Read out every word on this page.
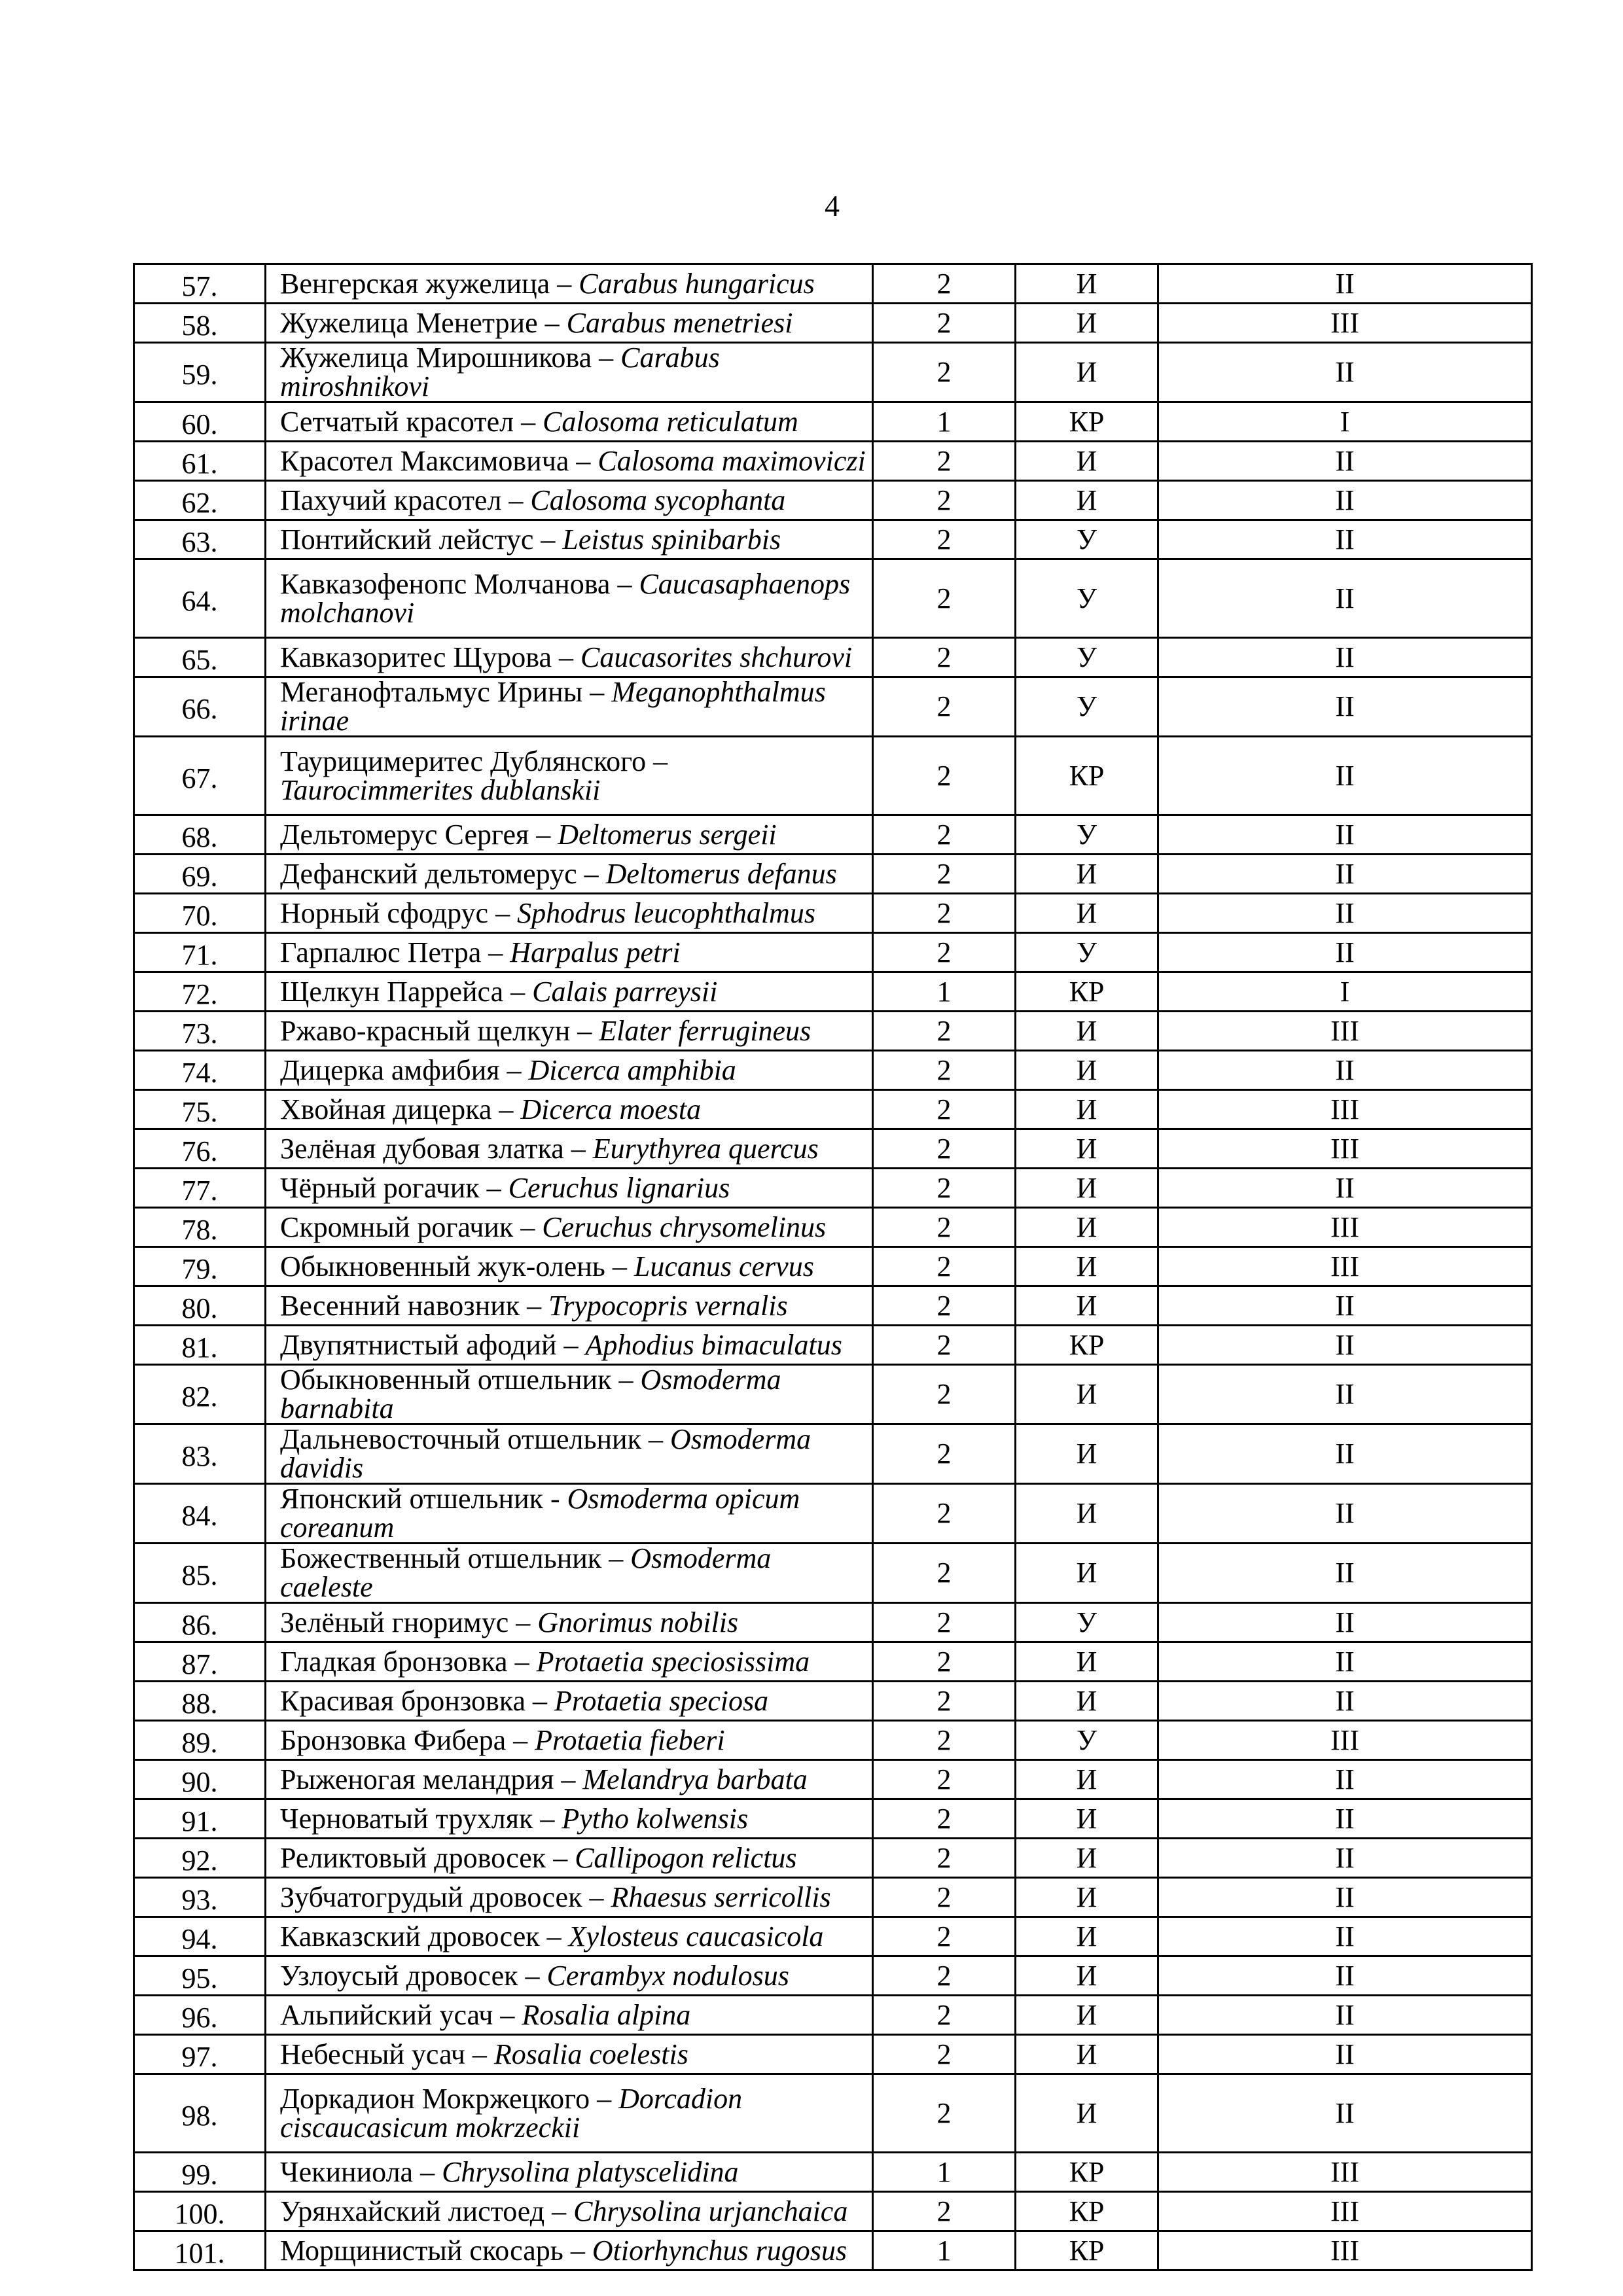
4
57.	Венгерская жужелица – Carabus hungaricus	2	И	II
58.	Жужелица Менетрие – Carabus menetriesi	2	И	III
59.	Жужелица Мирошникова – Carabus miroshnikovi	2	И	II
60.	Сетчатый красотел – Calosoma reticulatum	1	КР	I
61.	Красотел Максимовича – Calosoma maximoviczi	2	И	II
62.	Пахучий красотел – Calosoma sycophanta	2	И	II
63.	Понтийский лейстус – Leistus spinibarbis	2	У	II
64.	Кавказофенопс Молчанова – Caucasaphaenops molchanovi	2	У	II
65.	Кавказоритес Щурова – Caucasorites shchurovi	2	У	II
66.	Меганофтальмус Ирины – Meganophthalmus irinae	2	У	II
67.	Таурицимеритес Дублянского – Taurocimmerites dublanskii	2	КР	II
68.	Дельтомерус Сергея – Deltomerus sergeii	2	У	II
69.	Дефанский дельтомерус – Deltomerus defanus	2	И	II
70.	Норный сфодрус – Sphodrus leucophthalmus	2	И	II
71.	Гарпалюс Петра – Harpalus petri	2	У	II
72.	Щелкун Паррейса – Calais parreysii	1	КР	I
73.	Ржаво-красный щелкун – Elater ferrugineus	2	И	III
74.	Дицерка амфибия – Dicerca amphibia	2	И	II
75.	Хвойная дицерка – Dicerca moesta	2	И	III
76.	Зелёная дубовая златка – Eurythyrea quercus	2	И	III
77.	Чёрный рогачик – Ceruchus lignarius	2	И	II
78.	Скромный рогачик – Ceruchus chrysomelinus	2	И	III
79.	Обыкновенный жук-олень – Lucanus cervus	2	И	III
80.	Весенний навозник – Trypocopris vernalis	2	И	II
81.	Двупятнистый афодий – Aphodius bimaculatus	2	КР	II
82.	Обыкновенный отшельник – Osmoderma barnabita	2	И	II
83.	Дальневосточный отшельник – Osmoderma davidis	2	И	II
84.	Японский отшельник - Osmoderma opicum coreanum	2	И	II
85.	Божественный отшельник – Osmoderma caeleste	2	И	II
86.	Зелёный гноримус – Gnorimus nobilis	2	У	II
87.	Гладкая бронзовка – Protaetia speciosissima	2	И	II
88.	Красивая бронзовка – Protaetia speciosa	2	И	II
89.	Бронзовка Фибера – Protaetia fieberi	2	У	III
90.	Рыженогая меландрия – Melandrya barbata	2	И	II
91.	Черноватый трухляк – Pytho kolwensis	2	И	II
92.	Реликтовый дровосек – Callipogon relictus	2	И	II
93.	Зубчатогрудый дровосек – Rhaesus serricollis	2	И	II
94.	Кавказский дровосек – Xylosteus caucasicola	2	И	II
95.	Узлоусый дровосек – Cerambyx nodulosus	2	И	II
96.	Альпийский усач – Rosalia alpina	2	И	II
97.	Небесный усач – Rosalia coelestis	2	И	II
98.	Доркадион Мокржецкого – Dorcadion ciscaucasicum mokrzeckii	2	И	II
99.	Чекиниола – Chrysolina platyscelidina	1	КР	III
100.	Урянхайский листоед – Chrysolina urjanchaica	2	КР	III
101.	Морщинистый скосарь – Otiorhynchus rugosus	1	КР	III
